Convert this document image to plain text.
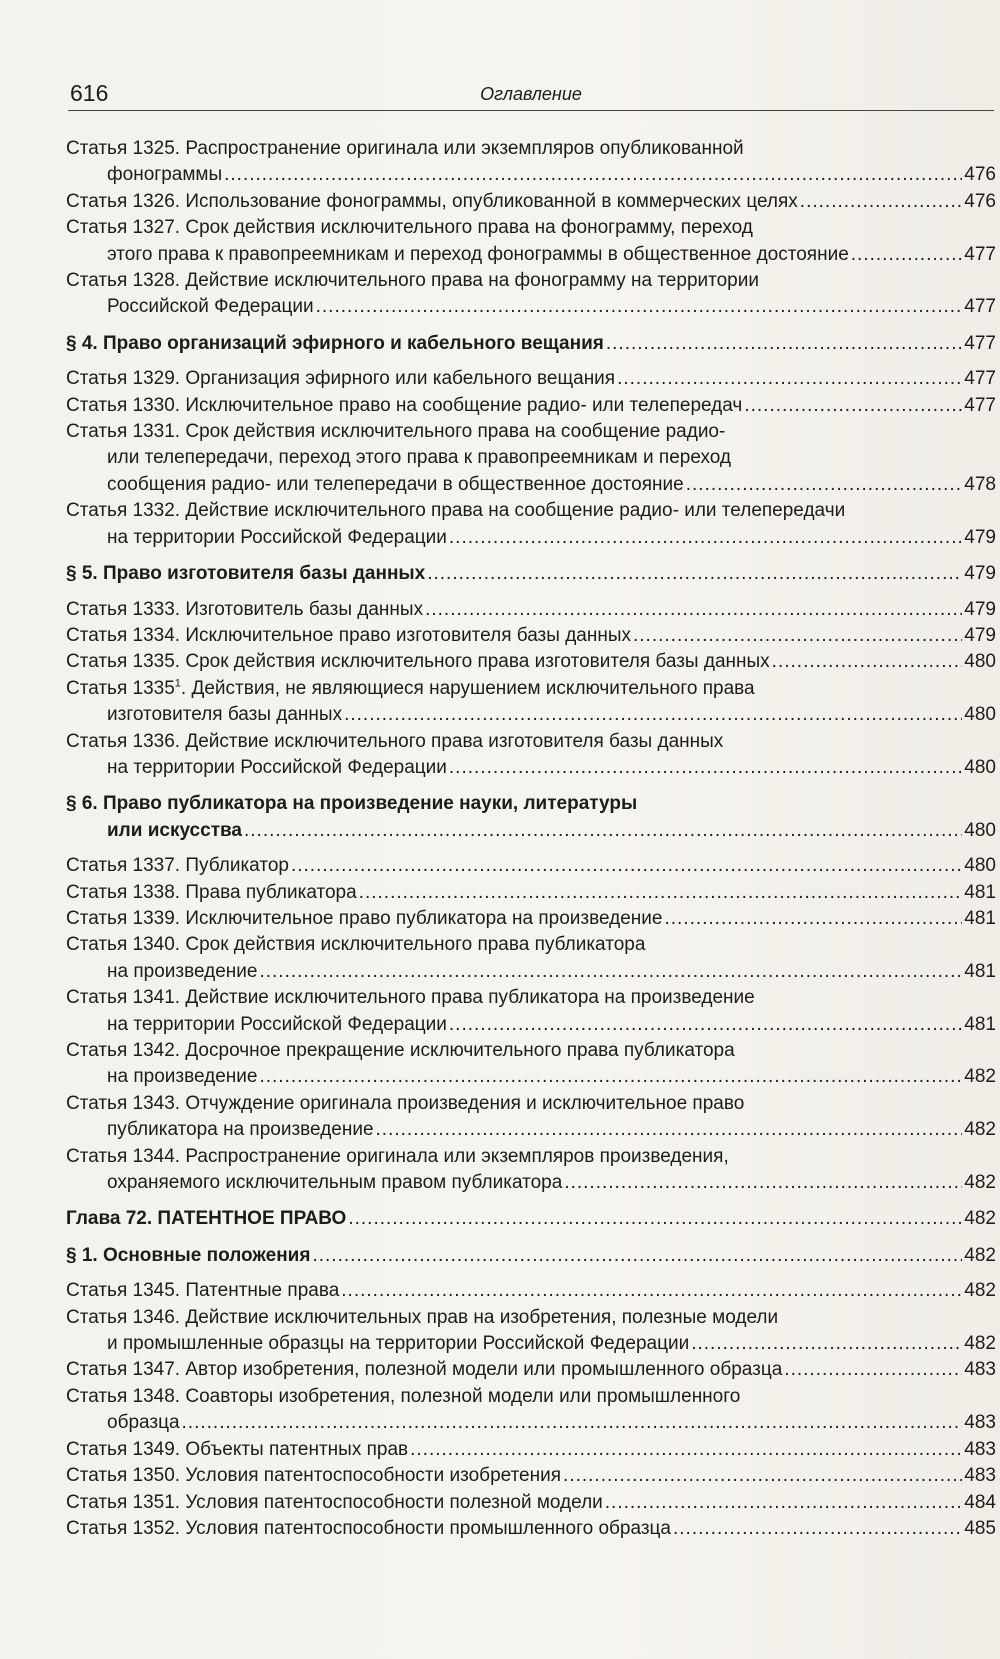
616	Оглавление
Статья 1325. Распространение оригинала или экземпляров опубликованной
фонограммы .....	476
Статья 1326. Использование фонограммы, опубликованной в коммерческих целях .....	476
Статья 1327. Срок действия исключительного права на фонограмму, переход
этого права к правопреемникам и переход фонограммы в общественное достояние .....	477
Статья 1328. Действие исключительного права на фонограмму на территории
Российской Федерации .....	477
§ 4. Право организаций эфирного и кабельного вещания .....	477
Статья 1329. Организация эфирного или кабельного вещания .....	477
Статья 1330. Исключительное право на сообщение радио- или телепередач .....	477
Статья 1331. Срок действия исключительного права на сообщение радио-
или телепередачи, переход этого права к правопреемникам и переход
сообщения радио- или телепередачи в общественное достояние .....	478
Статья 1332. Действие исключительного права на сообщение радио- или телепередачи
на территории Российской Федерации .....	479
§ 5. Право изготовителя базы данных .....	479
Статья 1333. Изготовитель базы данных .....	479
Статья 1334. Исключительное право изготовителя базы данных .....	479
Статья 1335. Срок действия исключительного права изготовителя базы данных .....	480
Статья 1335$^1$. Действия, не являющиеся нарушением исключительного права
изготовителя базы данных .....	480
Статья 1336. Действие исключительного права изготовителя базы данных
на территории Российской Федерации .....	480
§ 6. Право публикатора на произведение науки, литературы
или искусства .....	480
Статья 1337. Публикатор .....	480
Статья 1338. Права публикатора .....	481
Статья 1339. Исключительное право публикатора на произведение .....	481
Статья 1340. Срок действия исключительного права публикатора
на произведение .....	481
Статья 1341. Действие исключительного права публикатора на произведение
на территории Российской Федерации .....	481
Статья 1342. Досрочное прекращение исключительного права публикатора
на произведение .....	482
Статья 1343. Отчуждение оригинала произведения и исключительное право
публикатора на произведение .....	482
Статья 1344. Распространение оригинала или экземпляров произведения,
охраняемого исключительным правом публикатора .....	482
Глава 72. ПАТЕНТНОЕ ПРАВО .....	482
§ 1. Основные положения .....	482
Статья 1345. Патентные права .....	482
Статья 1346. Действие исключительных прав на изобретения, полезные модели
и промышленные образцы на территории Российской Федерации .....	482
Статья 1347. Автор изобретения, полезной модели или промышленного образца .....	483
Статья 1348. Соавторы изобретения, полезной модели или промышленного
образца .....	483
Статья 1349. Объекты патентных прав .....	483
Статья 1350. Условия патентоспособности изобретения .....	483
Статья 1351. Условия патентоспособности полезной модели .....	484
Статья 1352. Условия патентоспособности промышленного образца .....	485
